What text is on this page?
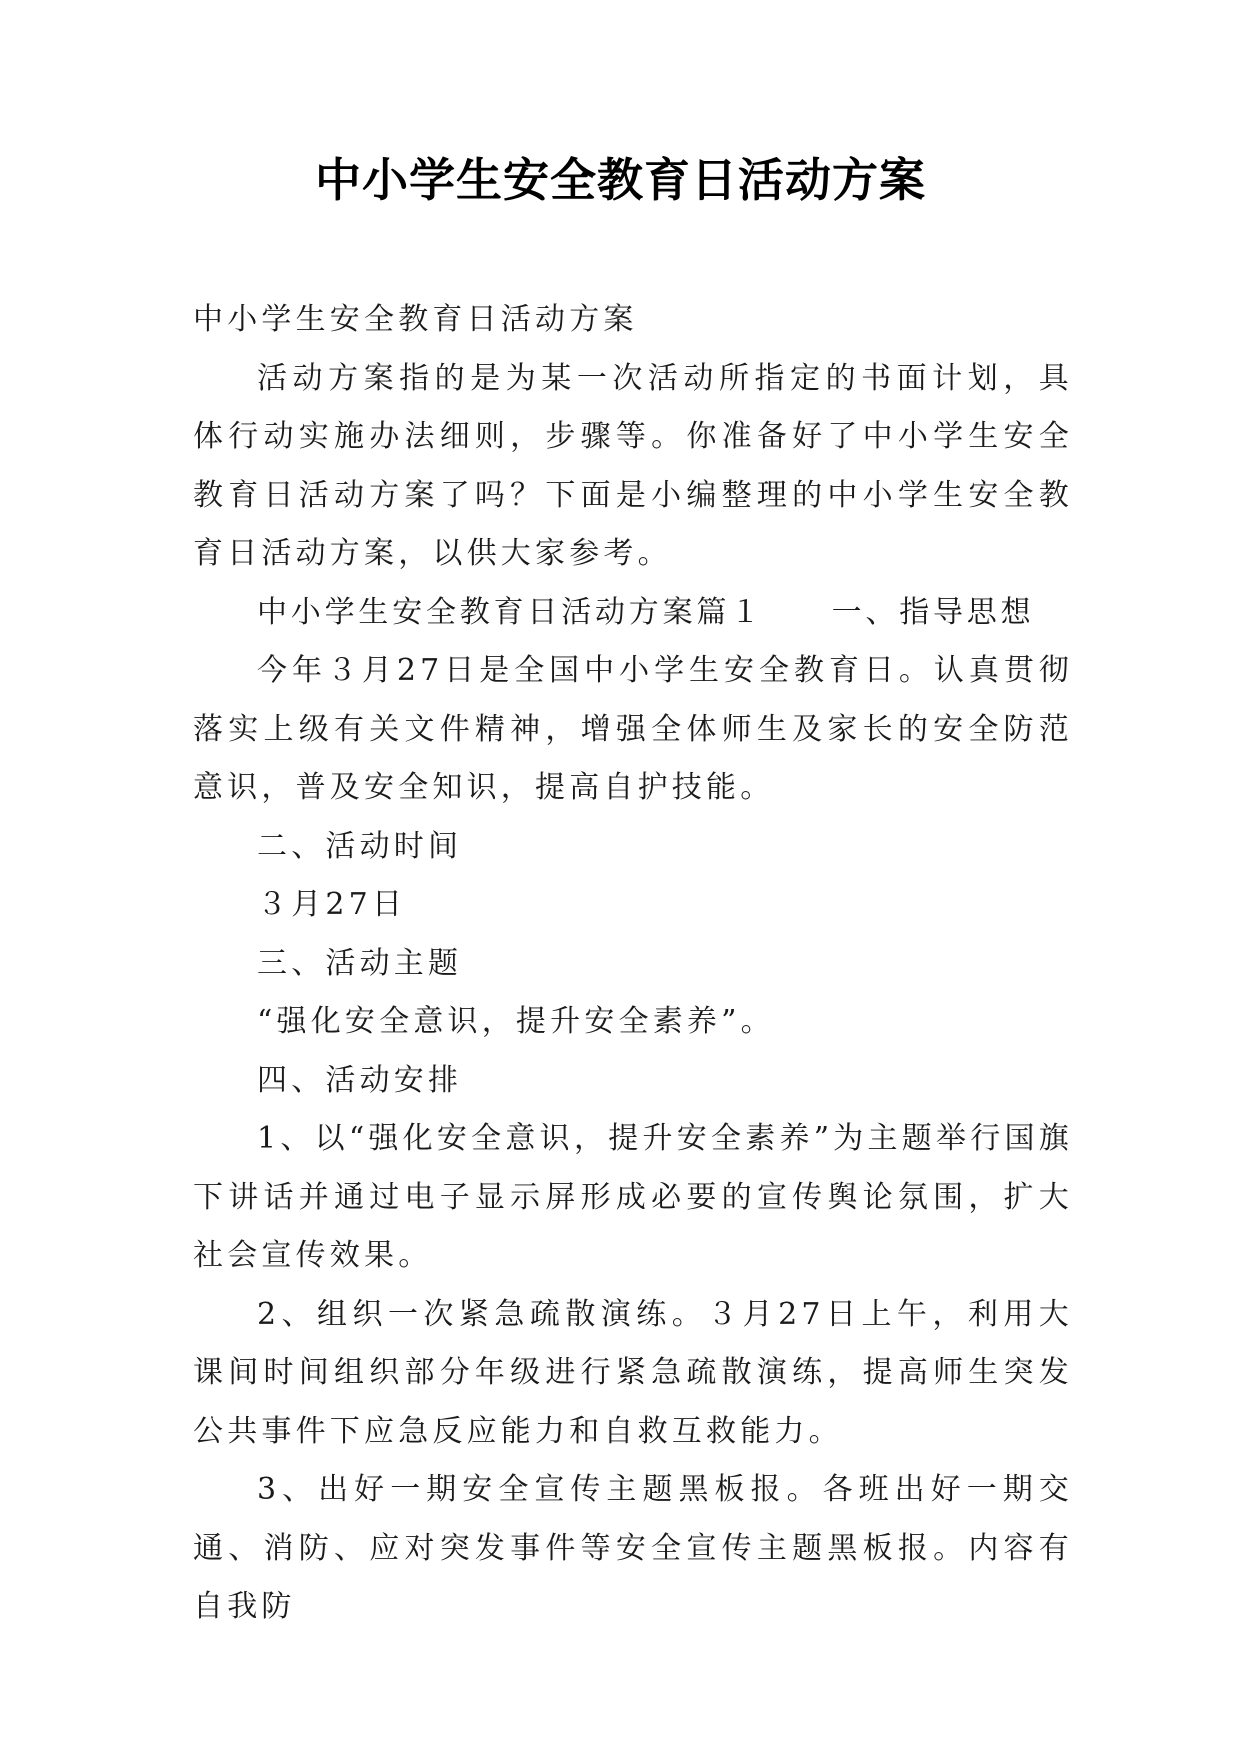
中小学生安全教育日活动方案

中小学生安全教育日活动方案

活动方案指的是为某一次活动所指定的书面计划，具体行动实施办法细则，步骤等。你准备好了中小学生安全教育日活动方案了吗？下面是小编整理的中小学生安全教育日活动方案，以供大家参考。

中小学生安全教育日活动方案篇１　　一、指导思想

今年３月27日是全国中小学生安全教育日。认真贯彻落实上级有关文件精神，增强全体师生及家长的安全防范意识，普及安全知识，提高自护技能。

二、活动时间

３月27日

三、活动主题

“强化安全意识，提升安全素养”。

四、活动安排

1、以“强化安全意识，提升安全素养”为主题举行国旗下讲话并通过电子显示屏形成必要的宣传舆论氛围，扩大社会宣传效果。

2、组织一次紧急疏散演练。３月27日上午，利用大课间时间组织部分年级进行紧急疏散演练，提高师生突发公共事件下应急反应能力和自救互救能力。

3、出好一期安全宣传主题黑板报。各班出好一期交通、消防、应对突发事件等安全宣传主题黑板报。内容有自我防
